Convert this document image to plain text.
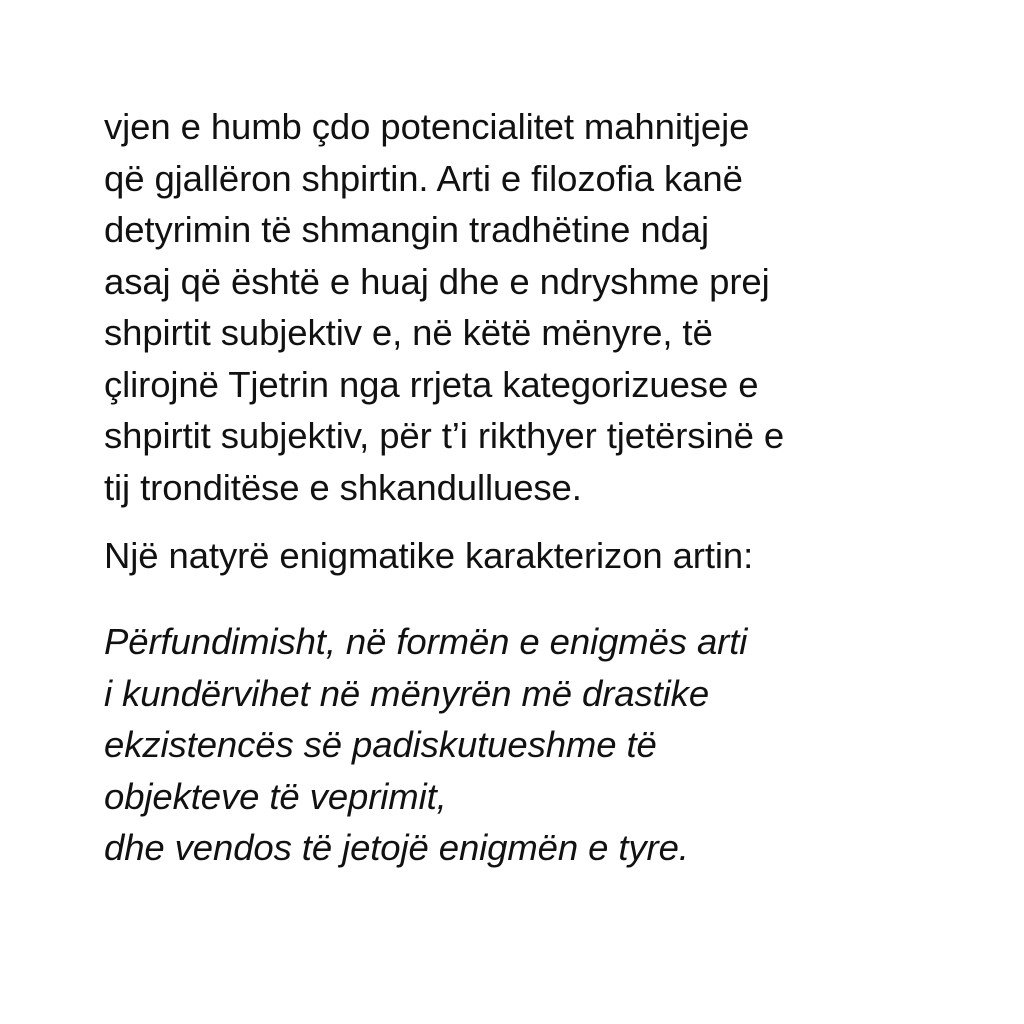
vjen e humb çdo potencialitet mahnitjeje
që gjallëron shpirtin. Arti e filozofia kanë
detyrimin të shmangin tradhëtine ndaj
asaj që është e huaj dhe e ndryshme prej
shpirtit subjektiv e, në këtë mënyre, të
çlirojnë Tjetrin nga rrjeta kategorizuese e
shpirtit subjektiv, për t’i rikthyer tjetërsinë e
tij tronditëse e shkandulluese.
Një natyrë enigmatike karakterizon artin:
Përfundimisht, në formën e enigmës arti
i kundërvihet në mënyrën më drastike
ekzistencës së padiskutueshme të
objekteve të veprimit,
dhe vendos të jetojë enigmën e tyre.
